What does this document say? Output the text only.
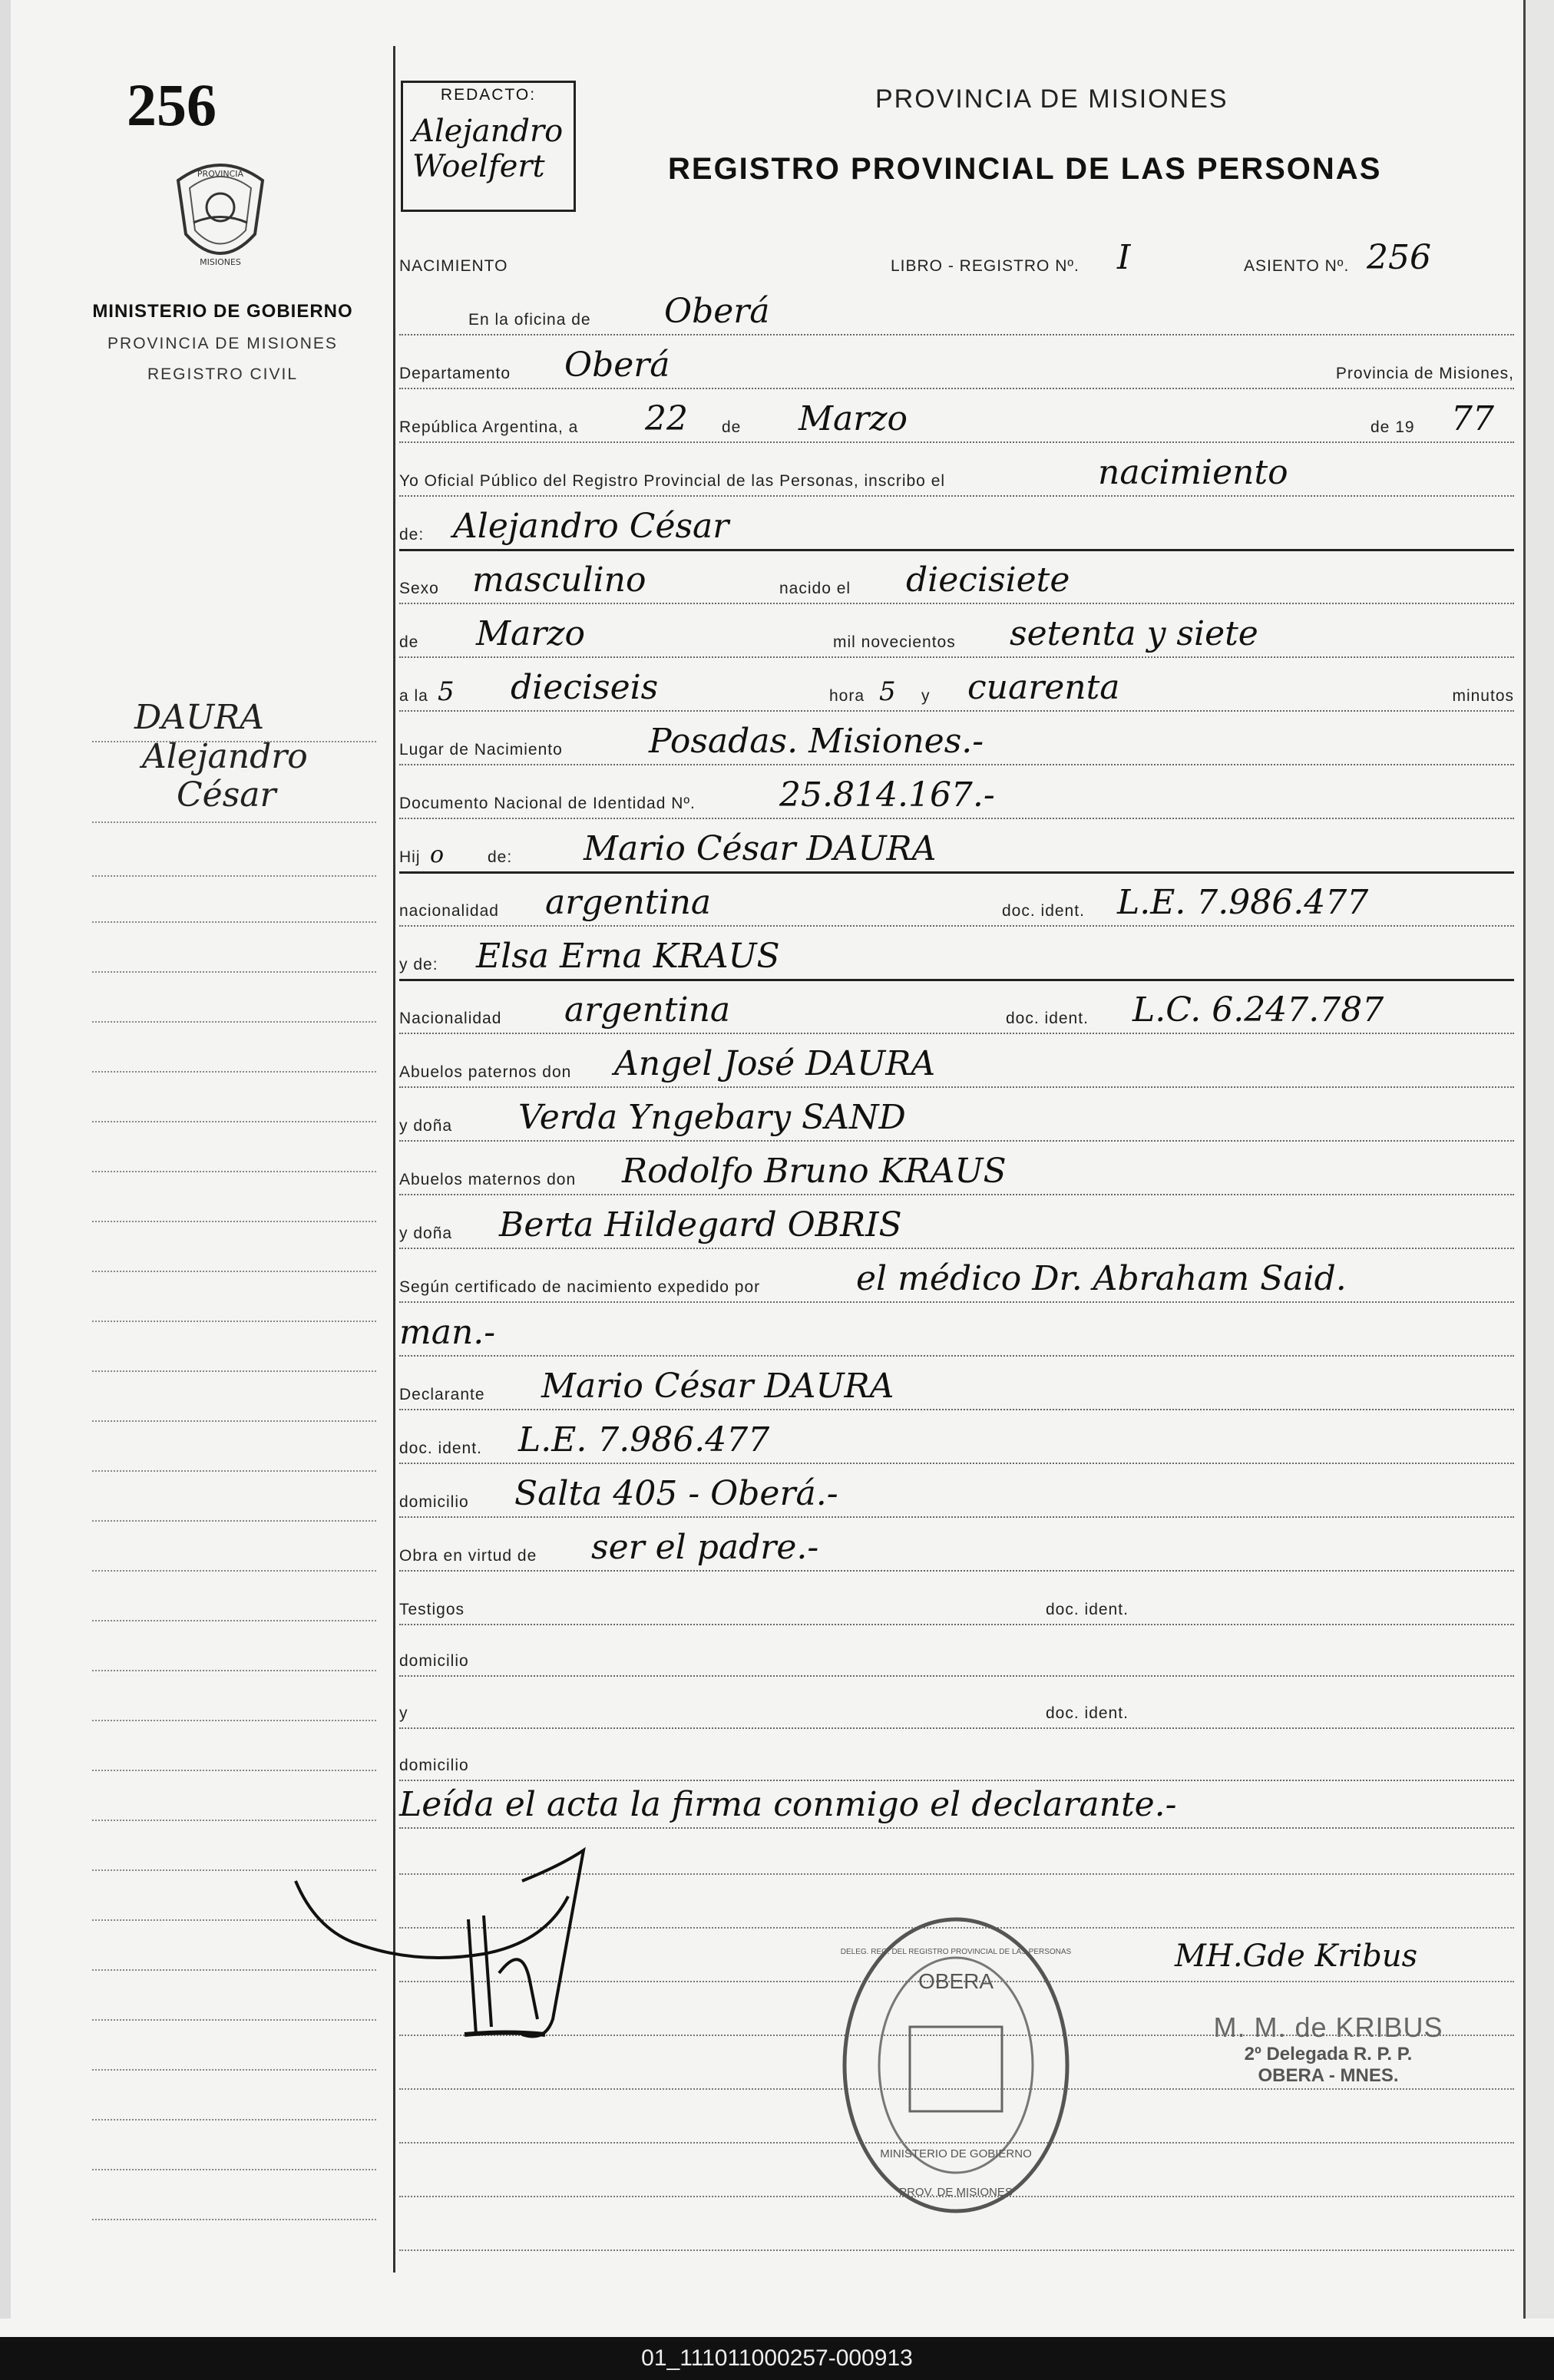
256
PROVINCIA
MISIONES
MINISTERIO DE GOBIERNO
PROVINCIA DE MISIONES
REGISTRO CIVIL
DAURA
Alejandro
César
REDACTO:
Alejandro
Woelfert
PROVINCIA DE MISIONES
REGISTRO PROVINCIAL DE LAS PERSONAS
NACIMIENTO	LIBRO - REGISTRO Nº. I	ASIENTO Nº. 256
En la oficina de Oberá
Departamento Oberá	Provincia de Misiones,
República Argentina, a 22 de Marzo	de 19 77
Yo Oficial Público del Registro Provincial de las Personas, inscribo el	nacimiento
de: Alejandro César
Sexo masculino	nacido el diecisiete
de Marzo	mil novecientos setenta y siete
a la 5 dieciseis	hora 5 y cuarenta	minutos
Lugar de Nacimiento	Posadas. Misiones.-
Documento Nacional de Identidad Nº. 25.814.167.-
Hij o	de: Mario César DAURA
nacionalidad argentina	doc. ident. L.E. 7.986.477
y de: Elsa Erna KRAUS
Nacionalidad argentina	doc. ident. L.C. 6.247.787
Abuelos paternos don Angel José DAURA
y doña Verda Yngebary SAND
Abuelos maternos don Rodolfo Bruno KRAUS
y doña Berta Hildegard OBRIS
Según certificado de nacimiento expedido por	el médico Dr. Abraham Said.
man.-
Declarante Mario César DAURA
doc. ident. L.E. 7.986.477
domicilio Salta 405 - Oberá.-
Obra en virtud de ser el padre.-
Testigos	doc. ident.
domicilio
y	doc. ident.
domicilio
Leída el acta la firma conmigo el declarante.-
OBERA
DELEG. REG. DEL REGISTRO PROVINCIAL DE LAS PERSONAS
MINISTERIO DE GOBIERNO
PROV. DE MISIONES
MH.Gde Kribus
M. M. de KRIBUS
2º Delegada R. P. P.
OBERA - MNES.
01_111011000257-000913
